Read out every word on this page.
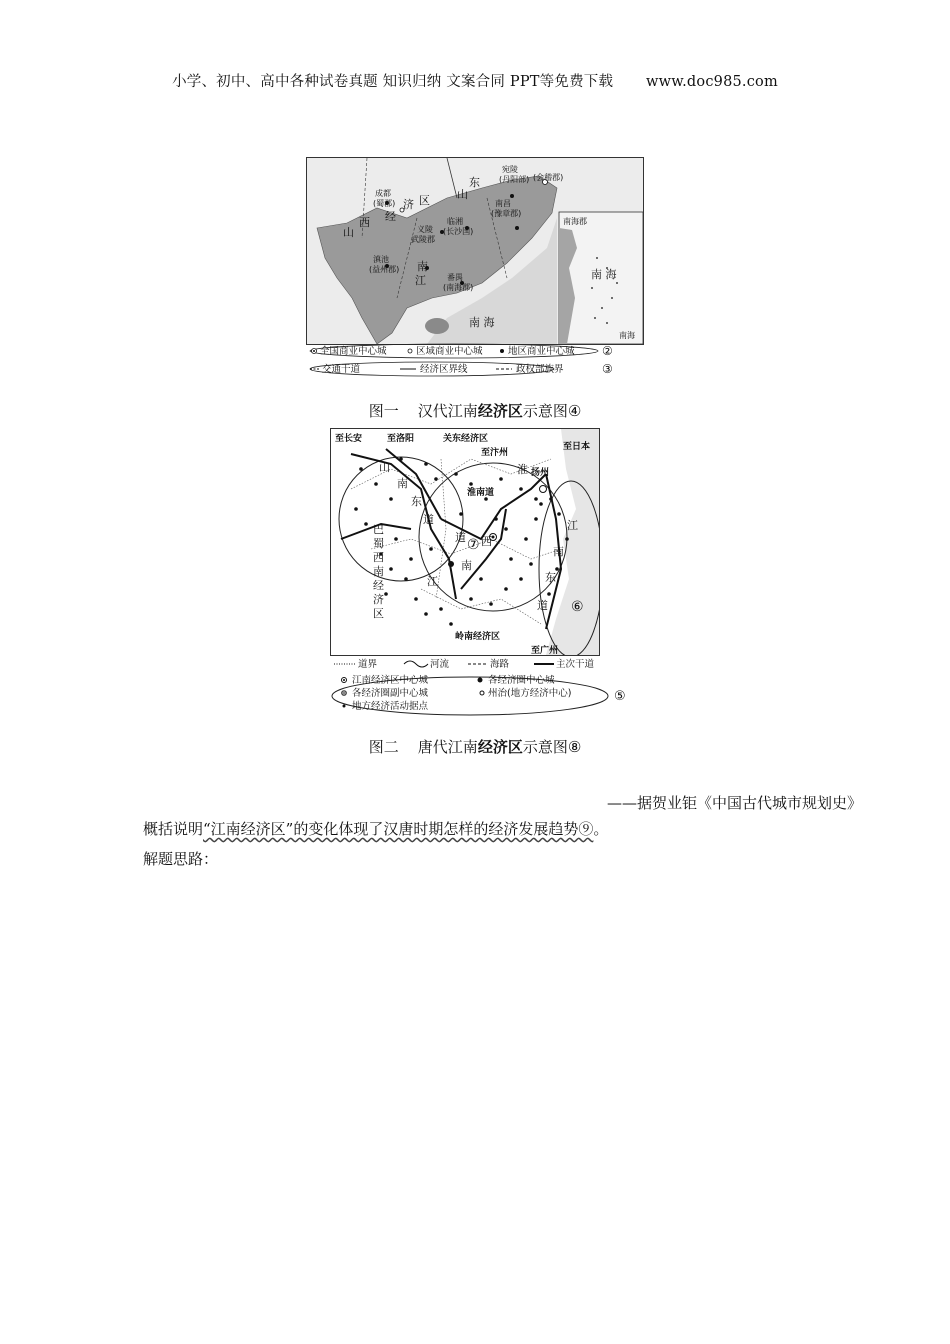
小学、初中、高中各种试卷真题 知识归纳 文案合同 PPT等免费下载 www.doc985.com
成都
(蜀郡)
临湘
(长沙国)
南昌
(豫章郡)
宛陵
(丹阳部) (会稽郡)
义陵
武陵郡
滇池
(益州郡)
番禺
(南海郡)
南海郡
南海
山
西 经
济 区
江
南
东
山
南 海
南 海
全国商业中心城	区域商业中心城	地区商业中心城 ②
交通干道	经济区界线	政权部族界	③
图一 汉代江南经济区示意图④
至长安	至洛阳	关东经济区
至汴州
至日本
淮南道
扬州
岭南经济区
至广州
山
南
东
道
巴
蜀
西
南
经
济
区
江
西
南
道
江
南
东
道
淮
⑦
⑥
道界	河流	海路	主次干道
江南经济区中心城	各经济圈中心城
各经济圈副中心城	州治(地方经济中心)
地方经济活动据点
⑤
图二 唐代江南经济区示意图⑧
——据贺业钜《中国古代城市规划史》
概括说明“江南经济区”的变化体现了汉唐时期怎样的经济发展趋势⑨。
解题思路：
